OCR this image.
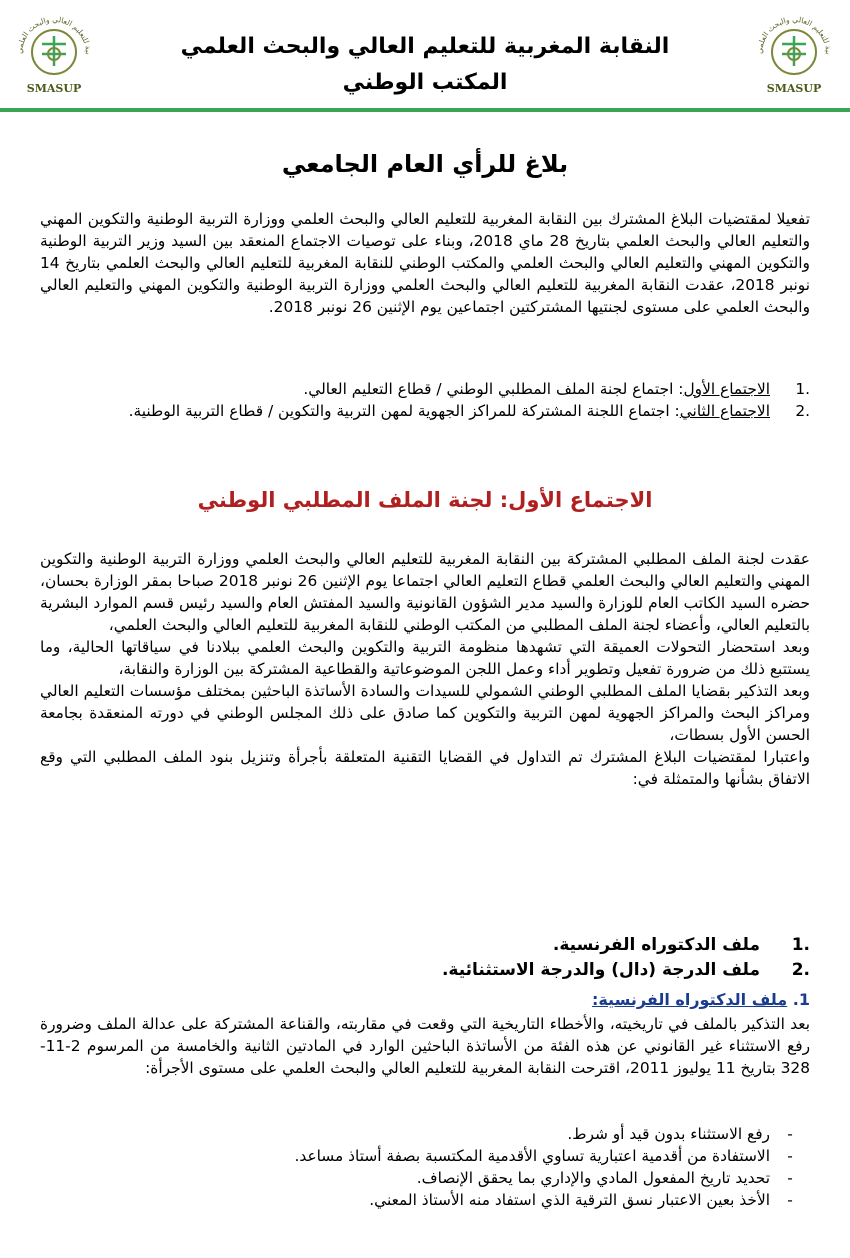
بية للتعليم العالي والبحث العلمي
SMASUP
النقابة المغربية للتعليم العالي والبحث العلمي
المكتب الوطني
بية للتعليم العالي والبحث العلمي
SMASUP
بلاغ للرأي العام الجامعي
تفعيلا لمقتضيات البلاغ المشترك بين النقابة المغربية للتعليم العالي والبحث العلمي ووزارة التربية الوطنية والتكوين المهني والتعليم العالي والبحث العلمي بتاريخ 28 ماي 2018، وبناء على توصيات الاجتماع المنعقد بين السيد وزير التربية الوطنية والتكوين المهني والتعليم العالي والبحث العلمي والمكتب الوطني للنقابة المغربية للتعليم العالي والبحث العلمي بتاريخ 14 نونبر 2018، عقدت النقابة المغربية للتعليم العالي والبحث العلمي ووزارة التربية الوطنية والتكوين المهني والتعليم العالي والبحث العلمي على مستوى لجنتيها المشتركتين اجتماعين يوم الإثنين 26 نونبر 2018.
1.
الاجتماع الأول: اجتماع لجنة الملف المطلبي الوطني / قطاع التعليم العالي.
2.
الاجتماع الثاني: اجتماع اللجنة المشتركة للمراكز الجهوية لمهن التربية والتكوين / قطاع التربية الوطنية.
الاجتماع الأول: لجنة الملف المطلبي الوطني
عقدت لجنة الملف المطلبي المشتركة بين النقابة المغربية للتعليم العالي والبحث العلمي ووزارة التربية الوطنية والتكوين المهني والتعليم العالي والبحث العلمي قطاع التعليم العالي اجتماعا يوم الإثنين 26 نونبر 2018 صباحا بمقر الوزارة بحسان، حضره السيد الكاتب العام للوزارة والسيد مدير الشؤون القانونية والسيد المفتش العام والسيد رئيس قسم الموارد البشرية بالتعليم العالي، وأعضاء لجنة الملف المطلبي من المكتب الوطني للنقابة المغربية للتعليم العالي والبحث العلمي،
وبعد استحضار التحولات العميقة التي تشهدها منظومة التربية والتكوين والبحث العلمي ببلادنا في سياقاتها الحالية، وما يستتبع ذلك من ضرورة تفعيل وتطوير أداء وعمل اللجن الموضوعاتية والقطاعية المشتركة بين الوزارة والنقابة،
وبعد التذكير بقضايا الملف المطلبي الوطني الشمولي للسيدات والسادة الأساتذة الباحثين بمختلف مؤسسات التعليم العالي ومراكز البحث والمراكز الجهوية لمهن التربية والتكوين كما صادق على ذلك المجلس الوطني في دورته المنعقدة بجامعة الحسن الأول بسطات،
واعتبارا لمقتضيات البلاغ المشترك تم التداول في القضايا التقنية المتعلقة بأجرأة وتنزيل بنود الملف المطلبي التي وقع الاتفاق بشأنها والمتمثلة في:
1.
ملف الدكتوراه الفرنسية.
2.
ملف الدرجة (دال) والدرجة الاستثنائية.
1. ملف الدكتوراه الفرنسية:
بعد التذكير بالملف في تاريخيته، والأخطاء التاريخية التي وقعت في مقاربته، والقناعة المشتركة على عدالة الملف وضرورة رفع الاستثناء غير القانوني عن هذه الفئة من الأساتذة الباحثين الوارد في المادتين الثانية والخامسة من المرسوم 2-11-328 بتاريخ 11 يوليوز 2011، اقترحت النقابة المغربية للتعليم العالي والبحث العلمي على مستوى الأجرأة:
-
رفع الاستثناء بدون قيد أو شرط.
-
الاستفادة من أقدمية اعتبارية تساوي الأقدمية المكتسبة بصفة أستاذ مساعد.
-
تحديد تاريخ المفعول المادي والإداري بما يحقق الإنصاف.
-
الأخذ بعين الاعتبار نسق الترقية الذي استفاد منه الأستاذ المعني.
